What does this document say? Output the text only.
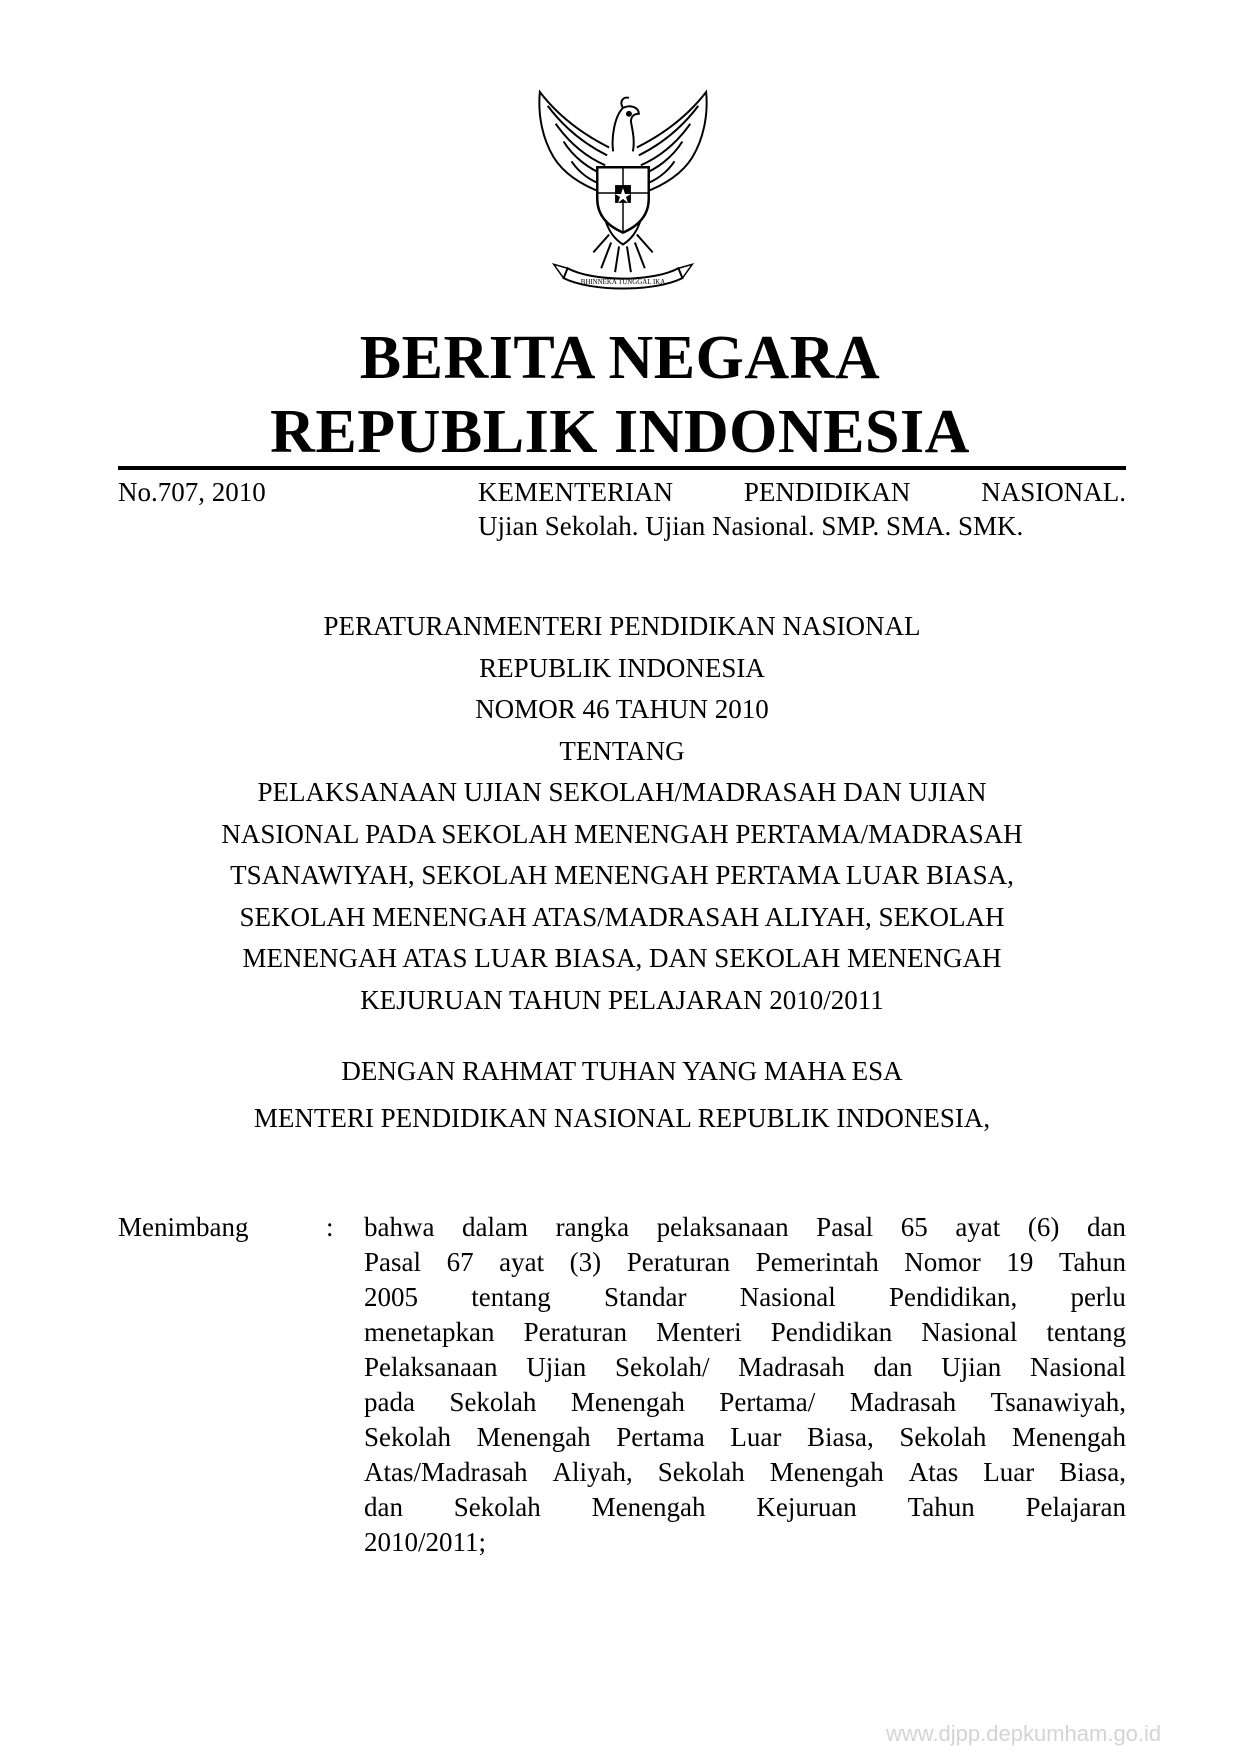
BHINNEKA TUNGGAL IKA
BERITA NEGARA
REPUBLIK INDONESIA
No.707, 2010	KEMENTERIAN	PENDIDIKAN	NASIONAL.
Ujian Sekolah. Ujian Nasional. SMP. SMA. SMK.
PERATURANMENTERI PENDIDIKAN NASIONAL
REPUBLIK INDONESIA
NOMOR 46 TAHUN 2010
TENTANG
PELAKSANAAN UJIAN SEKOLAH/MADRASAH DAN UJIAN
NASIONAL PADA SEKOLAH MENENGAH PERTAMA/MADRASAH
TSANAWIYAH, SEKOLAH MENENGAH PERTAMA LUAR BIASA,
SEKOLAH MENENGAH ATAS/MADRASAH ALIYAH, SEKOLAH
MENENGAH ATAS LUAR BIASA, DAN SEKOLAH MENENGAH
KEJURUAN TAHUN PELAJARAN 2010/2011
DENGAN RAHMAT TUHAN YANG MAHA ESA
MENTERI PENDIDIKAN NASIONAL REPUBLIK INDONESIA,
Menimbang	: bahwa dalam rangka pelaksanaan Pasal 65 ayat (6) dan
Pasal 67 ayat (3) Peraturan Pemerintah Nomor 19 Tahun
2005 tentang Standar Nasional Pendidikan, perlu
menetapkan Peraturan Menteri Pendidikan Nasional tentang
Pelaksanaan Ujian Sekolah/ Madrasah dan Ujian Nasional
pada Sekolah Menengah Pertama/ Madrasah Tsanawiyah,
Sekolah Menengah Pertama Luar Biasa, Sekolah Menengah
Atas/Madrasah Aliyah, Sekolah Menengah Atas Luar Biasa,
dan Sekolah Menengah Kejuruan Tahun Pelajaran
2010/2011;
www.djpp.depkumham.go.id
